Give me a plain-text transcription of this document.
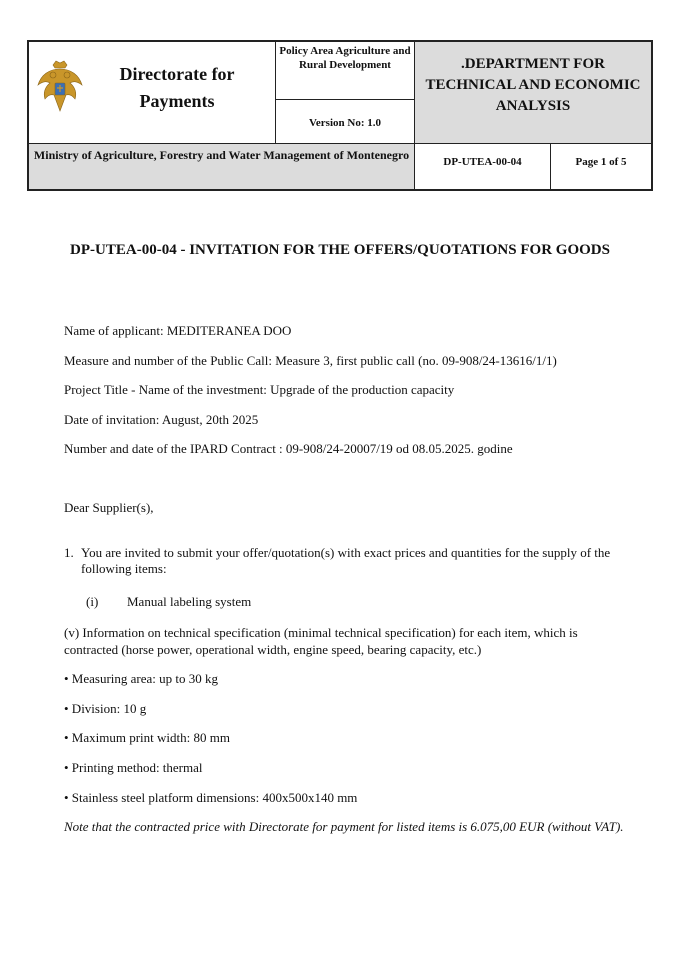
Directorate for Payments
Policy Area Agriculture and Rural Development
Version No: 1.0
.DEPARTMENT FOR TECHNICAL AND ECONOMIC ANALYSIS
Ministry of Agriculture, Forestry and Water Management of Montenegro	DP-UTEA-00-04	Page 1 of 5
DP-UTEA-00-04 - INVITATION FOR THE OFFERS/QUOTATIONS FOR GOODS
Name of applicant: MEDITERANEA DOO
Measure and number of the Public Call: Measure 3, first public call (no. 09-908/24-13616/1/1)
Project Title - Name of the investment: Upgrade of the production capacity
Date of invitation: August, 20th 2025
Number and date of the IPARD Contract : 09-908/24-20007/19 od 08.05.2025. godine
Dear Supplier(s),
1. You are invited to submit your offer/quotation(s) with exact prices and quantities for the supply of the following items:
(i) Manual labeling system
(v) Information on technical specification (minimal technical specification) for each item, which is contracted (horse power, operational width, engine speed, bearing capacity, etc.)
• Measuring area: up to 30 kg
• Division: 10 g
• Maximum print width: 80 mm
• Printing method: thermal
• Stainless steel platform dimensions: 400x500x140 mm
Note that the contracted price with Directorate for payment for listed items is 6.075,00 EUR (without VAT).
